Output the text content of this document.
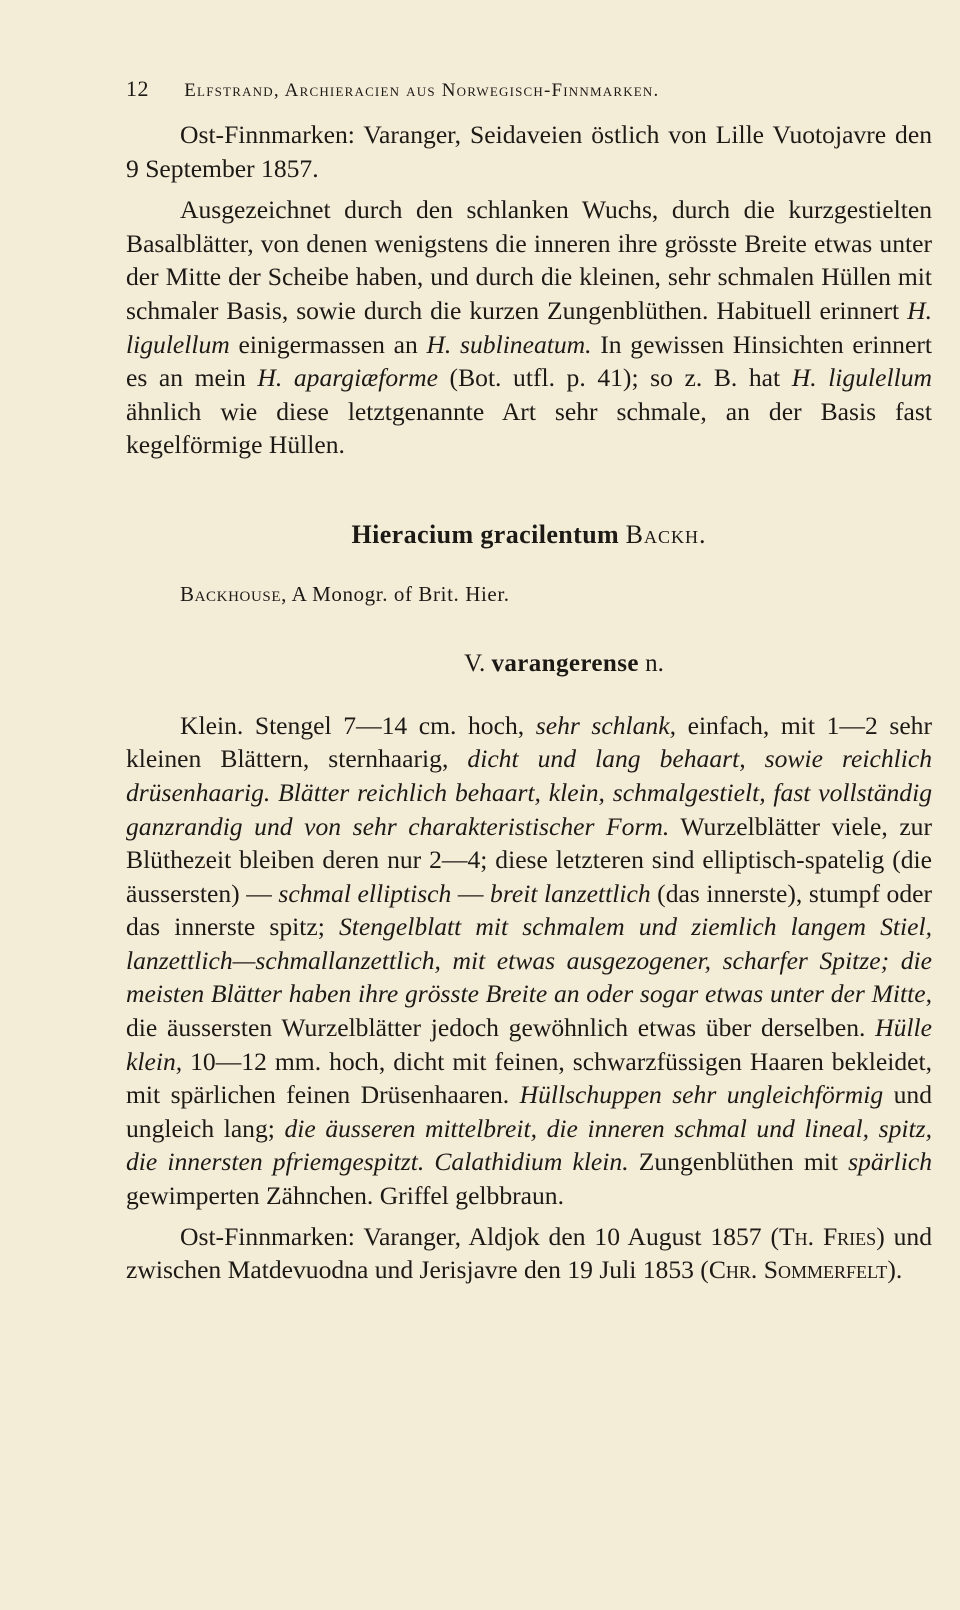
12 Elfstrand, Archieracien aus Norwegisch-Finnmarken.

Ost-Finnmarken: Varanger, Seidaveien östlich von Lille Vuotojavre den 9 September 1857.

Ausgezeichnet durch den schlanken Wuchs, durch die kurzgestielten Basalblätter, von denen wenigstens die inneren ihre grösste Breite etwas unter der Mitte der Scheibe haben, und durch die kleinen, sehr schmalen Hüllen mit schmaler Basis, sowie durch die kurzen Zungenblüthen. Habituell erinnert H. ligulellum einigermassen an H. sublineatum. In gewissen Hinsichten erinnert es an mein H. apargiæforme (Bot. utfl. p. 41); so z. B. hat H. ligulellum ähnlich wie diese letztgenannte Art sehr schmale, an der Basis fast kegelförmige Hüllen.

Hieracium gracilentum Backh.

Backhouse, A Monogr. of Brit. Hier.

V. varangerense n.

Klein. Stengel 7—14 cm. hoch, sehr schlank, einfach, mit 1—2 sehr kleinen Blättern, sternhaarig, dicht und lang behaart, sowie reichlich drüsenhaarig. Blätter reichlich behaart, klein, schmalgestielt, fast vollständig ganzrandig und von sehr charakteristischer Form. Wurzelblätter viele, zur Blüthezeit bleiben deren nur 2—4; diese letzteren sind elliptisch-spatelig (die äussersten) — schmal elliptisch — breit lanzettlich (das innerste), stumpf oder das innerste spitz; Stengelblatt mit schmalem und ziemlich langem Stiel, lanzettlich—schmallanzettlich, mit etwas ausgezogener, scharfer Spitze; die meisten Blätter haben ihre grösste Breite an oder sogar etwas unter der Mitte, die äussersten Wurzelblätter jedoch gewöhnlich etwas über derselben. Hülle klein, 10—12 mm. hoch, dicht mit feinen, schwarzfüssigen Haaren bekleidet, mit spärlichen feinen Drüsenhaaren. Hüllschuppen sehr ungleichförmig und ungleich lang; die äusseren mittelbreit, die inneren schmal und lineal, spitz, die innersten pfriemgespitzt. Calathidium klein. Zungenblüthen mit spärlich gewimperten Zähnchen. Griffel gelbbraun.

Ost-Finnmarken: Varanger, Aldjok den 10 August 1857 (Th. Fries) und zwischen Matdevuodna und Jerisjavre den 19 Juli 1853 (Chr. Sommerfelt).
